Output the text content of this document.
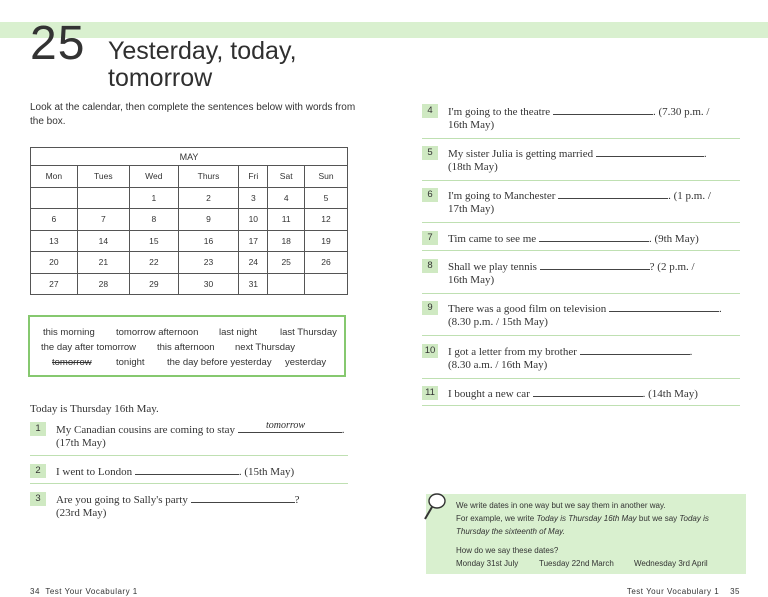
25 Yesterday, today,
tomorrow
Look at the calendar, then complete the sentences below with words from the box.
MAY						
Mon	Tues	Wed	Thurs	Fri	Sat	Sun
		1	2	3	4	5
6	7	8	9	10	11	12
13	14	15	16	17	18	19
20	21	22	23	24	25	26
27	28	29	30	31		
this morning tomorrow afternoon last night last Thursday
the day after tomorrow this afternoon next Thursday
tomorrow	tonight the day before yesterday yesterday
Today is Thursday 16th May.
1	My Canadian cousins are coming to stay	.
tomorrow
(17th May)
2	I went to London	. (15th May)
3	Are you going to Sally's party	?
(23rd May)
4	I'm going to the theatre	. (7.30 p.m. /
16th May)
5	My sister Julia is getting married	.
(18th May)
6	I'm going to Manchester	. (1 p.m. /
17th May)
7	Tim came to see me	. (9th May)
8	Shall we play tennis	? (2 p.m. /
16th May)
9	There was a good film on television	.
(8.30 p.m. / 15th May)
10 I got a letter from my brother	.
(8.30 a.m. / 16th May)
11 I bought a new car	. (14th May)
We write dates in one way but we say them in another way.
For example, we write Today is Thursday 16th May but we say Today is
Thursday the sixteenth of May.
How do we say these dates?
Monday 31st July	Tuesday 22nd March	Wednesday 3rd April
34 Test Your Vocabulary 1	Test Your Vocabulary 1 35
